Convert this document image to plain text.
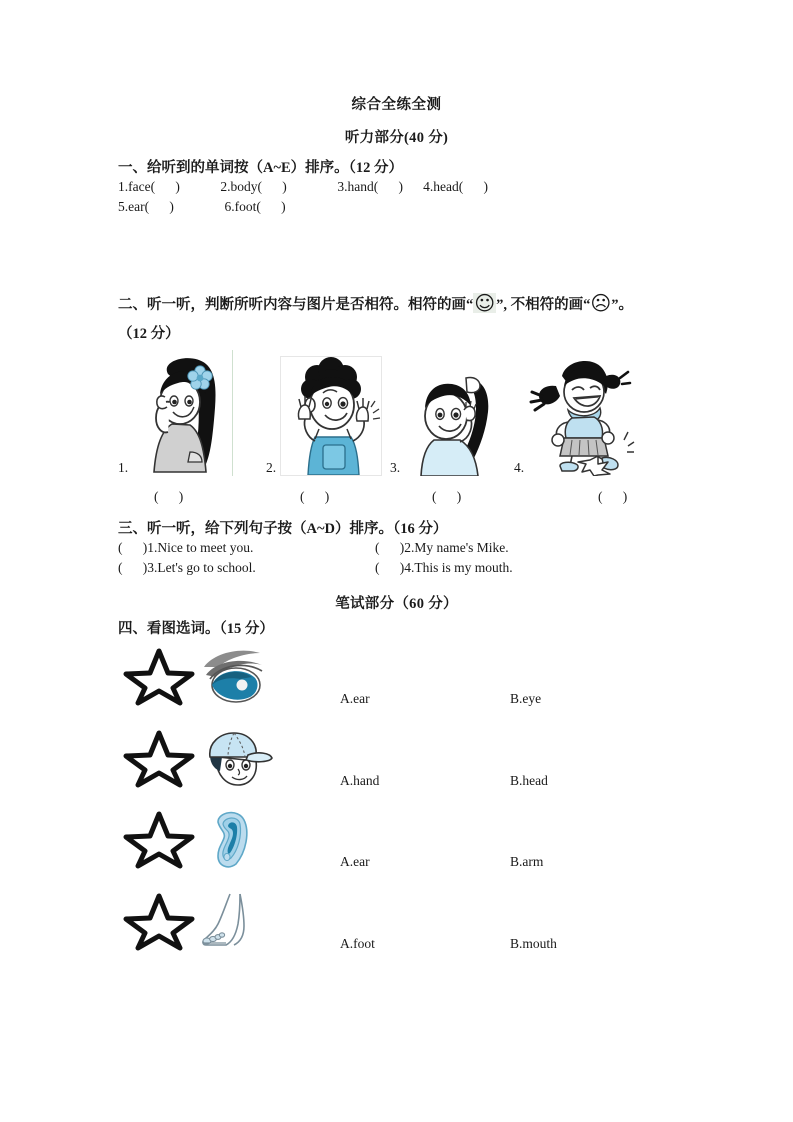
综合全练全测
听力部分(40 分)
一、给听到的单词按（A~E）排序。（12 分）
1.face(      )            2.body(      )               3.hand(      )      4.head(      )
5.ear(      )               6.foot(      )
二、听一听，判断所听内容与图片是否相符。相符的画“ ☺ ”, 不相符的画“ ☹ ”。
（12 分）
1.	2.	3.	4.
(      )	(      )	(      )	(      )
三、听一听，给下列句子按（A~D）排序。（16 分）
(      )1.Nice to meet you.	(      )2.My name's Mike.
(      )3.Let's go to school.	(      )4.This is my mouth.
笔试部分（60 分）
四、看图选词。（15 分）
A.ear	B.eye
A.hand	B.head
A.ear	B.arm
A.foot	B.mouth
